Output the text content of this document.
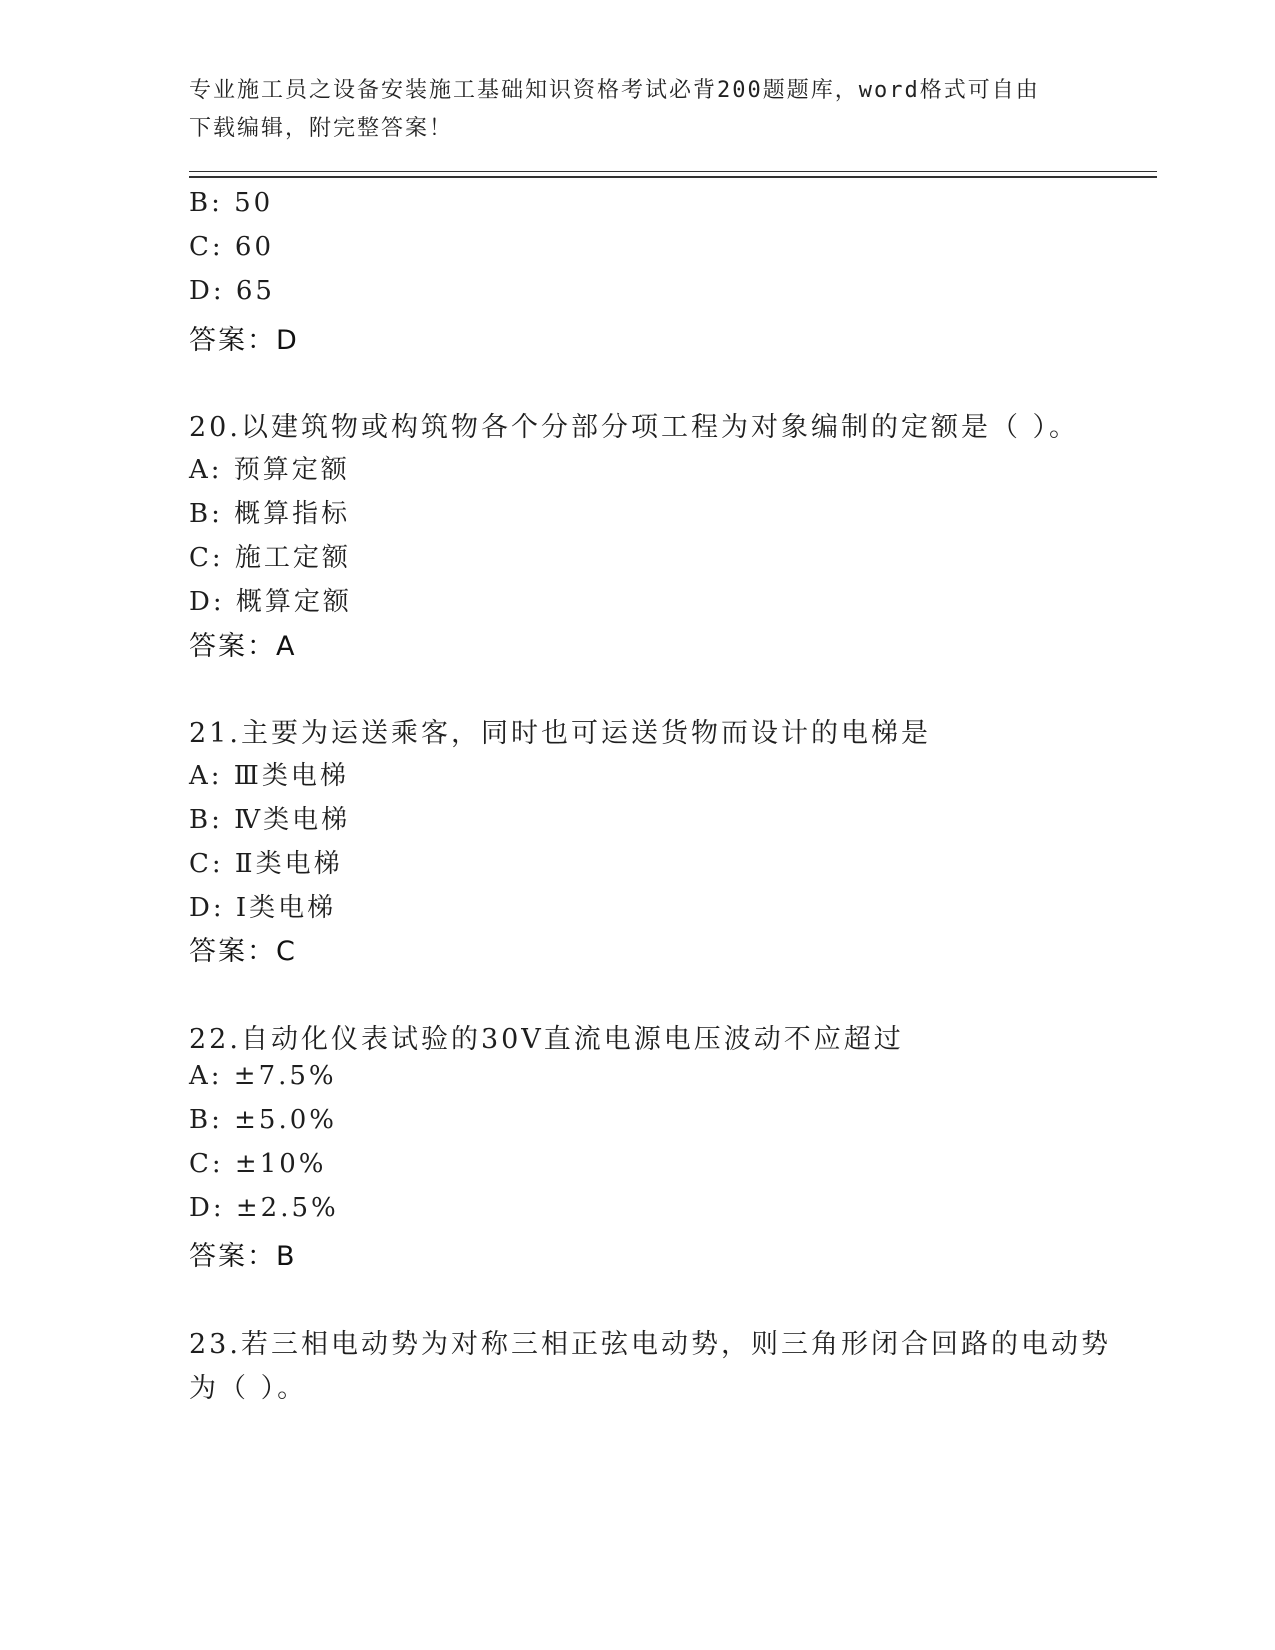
专业施工员之设备安装施工基础知识资格考试必背200题题库，word格式可自由
下载编辑，附完整答案！
B: 50
C: 60
D: 65
答案：D
20.以建筑物或构筑物各个分部分项工程为对象编制的定额是（ ）。
A: 预算定额
B: 概算指标
C: 施工定额
D: 概算定额
答案：A
21.主要为运送乘客，同时也可运送货物而设计的电梯是
A: Ⅲ类电梯
B: Ⅳ类电梯
C: Ⅱ类电梯
D: Ⅰ类电梯
答案：C
22.自动化仪表试验的30V直流电源电压波动不应超过
A: ±7.5%
B: ±5.0%
C: ±10%
D: ±2.5%
答案：B
23.若三相电动势为对称三相正弦电动势，则三角形闭合回路的电动势
为（ ）。
